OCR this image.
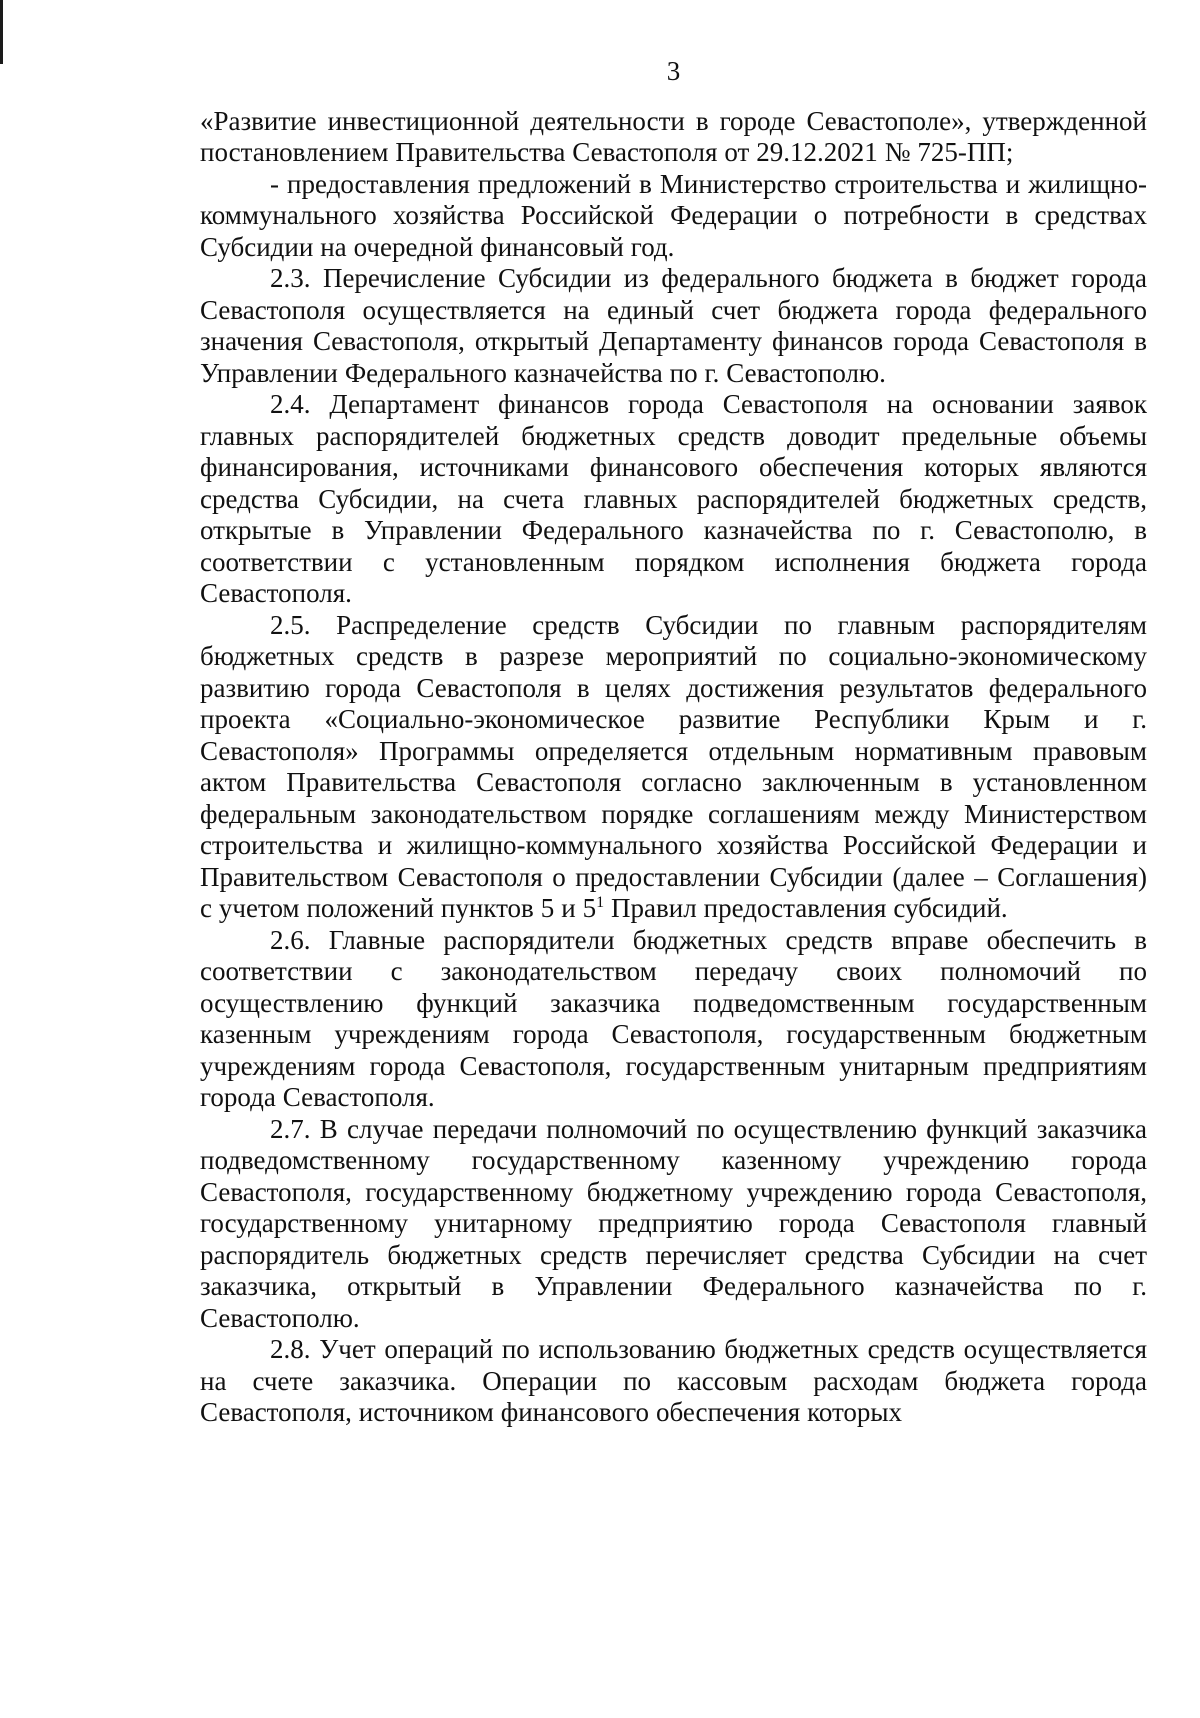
3

«Развитие инвестиционной деятельности в городе Севастополе», утвержденной постановлением Правительства Севастополя от 29.12.2021 № 725-ПП;

- предоставления предложений в Министерство строительства и жилищно-коммунального хозяйства Российской Федерации о потребности в средствах Субсидии на очередной финансовый год.

2.3. Перечисление Субсидии из федерального бюджета в бюджет города Севастополя осуществляется на единый счет бюджета города федерального значения Севастополя, открытый Департаменту финансов города Севастополя в Управлении Федерального казначейства по г. Севастополю.

2.4. Департамент финансов города Севастополя на основании заявок главных распорядителей бюджетных средств доводит предельные объемы финансирования, источниками финансового обеспечения которых являются средства Субсидии, на счета главных распорядителей бюджетных средств, открытые в Управлении Федерального казначейства по г. Севастополю, в соответствии с установленным порядком исполнения бюджета города Севастополя.

2.5. Распределение средств Субсидии по главным распорядителям бюджетных средств в разрезе мероприятий по социально-экономическому развитию города Севастополя в целях достижения результатов федерального проекта «Социально-экономическое развитие Республики Крым и г. Севастополя» Программы определяется отдельным нормативным правовым актом Правительства Севастополя согласно заключенным в установленном федеральным законодательством порядке соглашениям между Министерством строительства и жилищно-коммунального хозяйства Российской Федерации и Правительством Севастополя о предоставлении Субсидии (далее – Соглашения) с учетом положений пунктов 5 и $5^1$ Правил предоставления субсидий.

2.6. Главные распорядители бюджетных средств вправе обеспечить в соответствии с законодательством передачу своих полномочий по осуществлению функций заказчика подведомственным государственным казенным учреждениям города Севастополя, государственным бюджетным учреждениям города Севастополя, государственным унитарным предприятиям города Севастополя.

2.7. В случае передачи полномочий по осуществлению функций заказчика подведомственному государственному казенному учреждению города Севастополя, государственному бюджетному учреждению города Севастополя, государственному унитарному предприятию города Севастополя главный распорядитель бюджетных средств перечисляет средства Субсидии на счет заказчика, открытый в Управлении Федерального казначейства по г. Севастополю.

2.8. Учет операций по использованию бюджетных средств осуществляется на счете заказчика. Операции по кассовым расходам бюджета города Севастополя, источником финансового обеспечения которых
